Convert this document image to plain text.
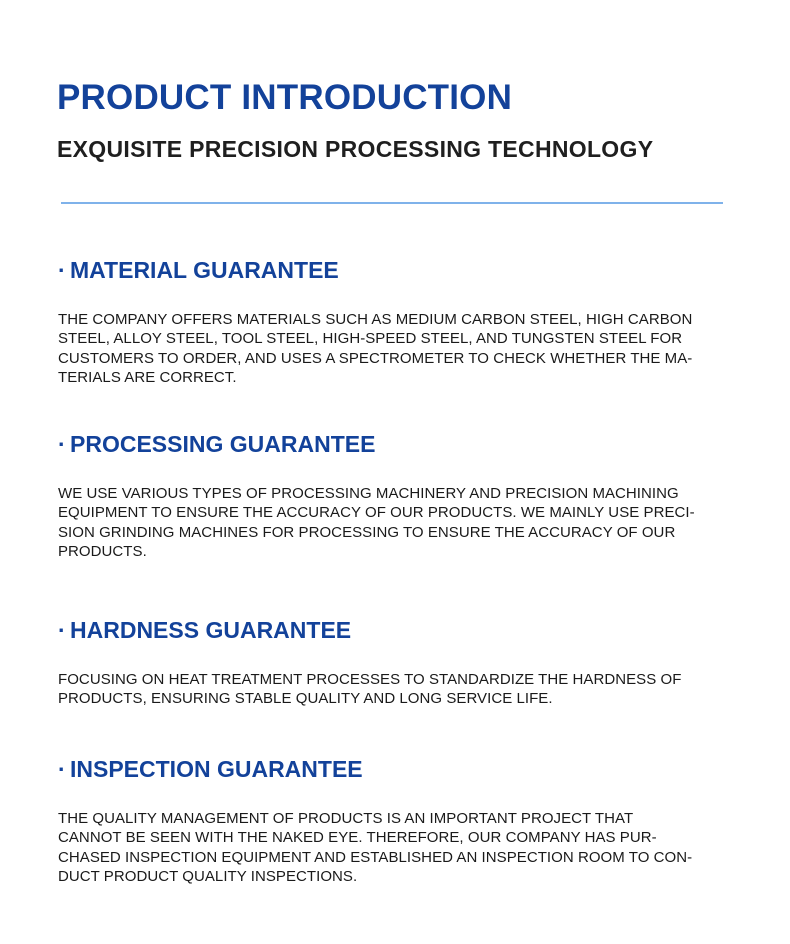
PRODUCT INTRODUCTION
EXQUISITE PRECISION PROCESSING TECHNOLOGY
· MATERIAL GUARANTEE

THE COMPANY OFFERS MATERIALS SUCH AS MEDIUM CARBON STEEL, HIGH CARBON
STEEL, ALLOY STEEL, TOOL STEEL, HIGH-SPEED STEEL, AND TUNGSTEN STEEL FOR
CUSTOMERS TO ORDER, AND USES A SPECTROMETER TO CHECK WHETHER THE MA-
TERIALS ARE CORRECT.

· PROCESSING GUARANTEE

WE USE VARIOUS TYPES OF PROCESSING MACHINERY AND PRECISION MACHINING
EQUIPMENT TO ENSURE THE ACCURACY OF OUR PRODUCTS. WE MAINLY USE PRECI-
SION GRINDING MACHINES FOR PROCESSING TO ENSURE THE ACCURACY OF OUR
PRODUCTS.

· HARDNESS GUARANTEE

FOCUSING ON HEAT TREATMENT PROCESSES TO STANDARDIZE THE HARDNESS OF
PRODUCTS, ENSURING STABLE QUALITY AND LONG SERVICE LIFE.

· INSPECTION GUARANTEE

THE QUALITY MANAGEMENT OF PRODUCTS IS AN IMPORTANT PROJECT THAT
CANNOT BE SEEN WITH THE NAKED EYE. THEREFORE, OUR COMPANY HAS PUR-
CHASED INSPECTION EQUIPMENT AND ESTABLISHED AN INSPECTION ROOM TO CON-
DUCT PRODUCT QUALITY INSPECTIONS.
